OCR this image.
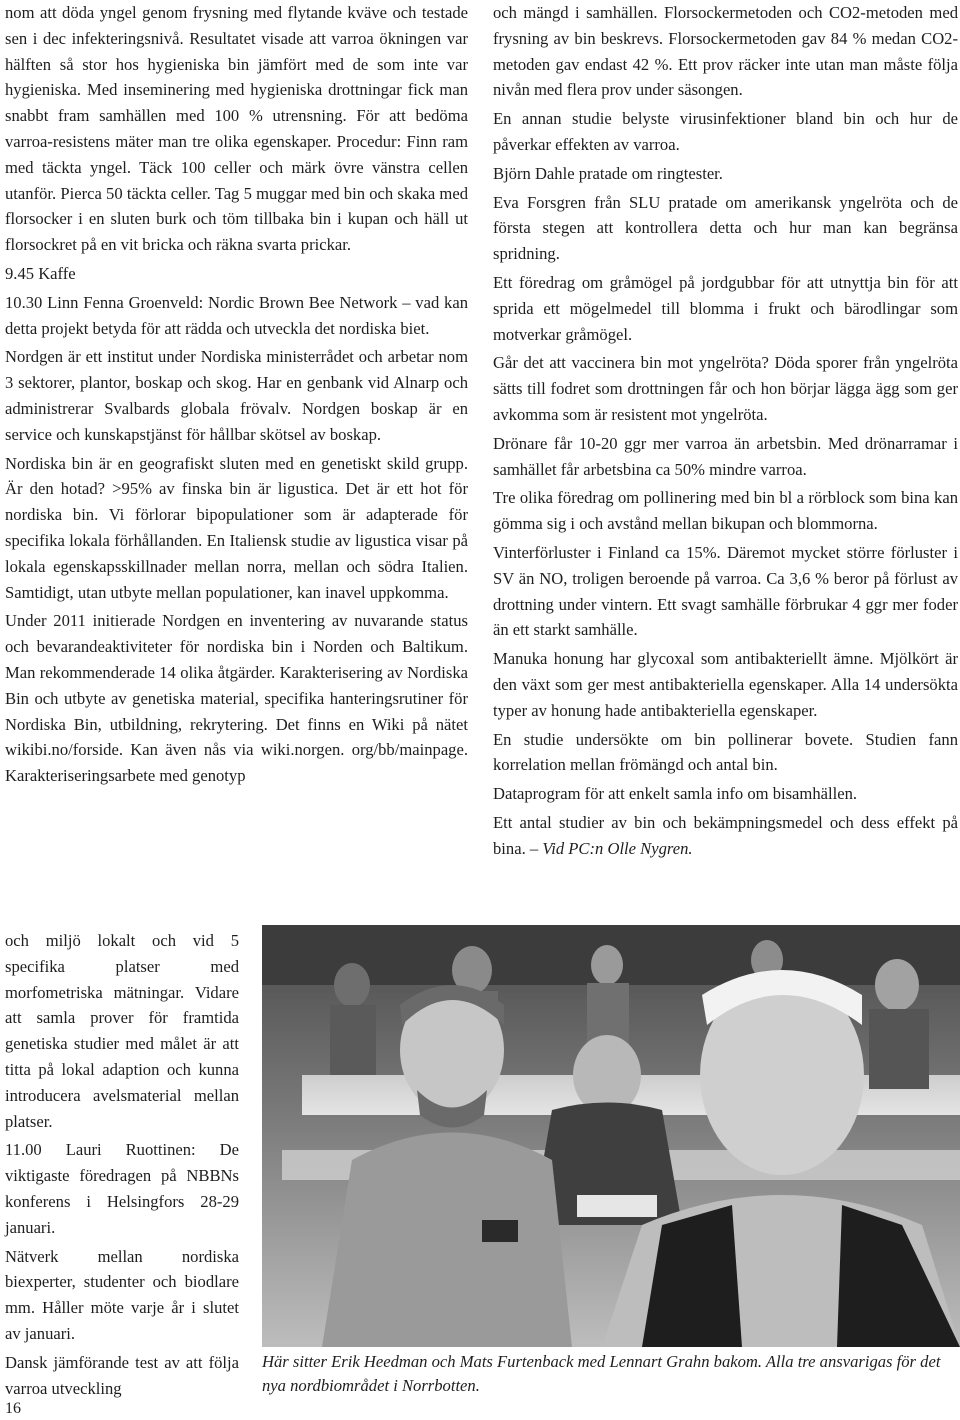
nom att döda yngel genom frysning med flytande kväve och testade sen i dec infekteringsnivå. Resultatet visade att varroa ökningen var hälften så stor hos hygieniska bin jämfört med de som inte var hygieniska. Med inseminering med hygieniska drottningar fick man snabbt fram samhällen med 100 % utrensning. För att bedöma varroa-resistens mäter man tre olika egenskaper. Procedur: Finn ram med täckta yngel. Täck 100 celler och märk övre vänstra cellen utanför. Pierca 50 täckta celler. Tag 5 muggar med bin och skaka med florsocker i en sluten burk och töm tillbaka bin i kupan och häll ut florsockret på en vit bricka och räkna svarta prickar.

9.45 Kaffe

10.30 Linn Fenna Groenveld: Nordic Brown Bee Network – vad kan detta projekt betyda för att rädda och utveckla det nordiska biet.

Nordgen är ett institut under Nordiska ministerrådet och arbetar nom 3 sektorer, plantor, boskap och skog. Har en genbank vid Alnarp och administrerar Svalbards globala frövalv. Nordgen boskap är en service och kunskapstjänst för hållbar skötsel av boskap.

Nordiska bin är en geografiskt sluten med en genetiskt skild grupp. Är den hotad? >95% av finska bin är ligustica. Det är ett hot för nordiska bin. Vi förlorar bipopulationer som är adapterade för specifika lokala förhållanden. En Italiensk studie av ligustica visar på lokala egenskapsskillnader mellan norra, mellan och södra Italien. Samtidigt, utan utbyte mellan populationer, kan inavel uppkomma.

Under 2011 initierade Nordgen en inventering av nuvarande status och bevarandeaktiviteter för nordiska bin i Norden och Baltikum. Man rekommenderade 14 olika åtgärder. Karakterisering av Nordiska Bin och utbyte av genetiska material, specifika hanteringsrutiner för Nordiska Bin, utbildning, rekrytering. Det finns en Wiki på nätet wikibi.no/forside. Kan även nås via wiki.norgen. org/bb/mainpage. Karakteriseringsarbete med genotyp

och miljö lokalt och vid 5 specifika platser med morfometriska mätningar. Vidare att samla prover för framtida genetiska studier med målet är att titta på lokal adaption och kunna introducera avelsmaterial mellan platser.

11.00 Lauri Ruottinen: De viktigaste föredragen på NBBNs konferens i Helsingfors 28-29 januari.

Nätverk mellan nordiska biexperter, studenter och biodlare mm. Håller möte varje år i slutet av januari.

Dansk jämförande test av att följa varroa utveckling

och mängd i samhällen. Florsockermetoden och CO2-metoden med frysning av bin beskrevs. Florsockermetoden gav 84 % medan CO2-metoden gav endast 42 %. Ett prov räcker inte utan man måste följa nivån med flera prov under säsongen.

En annan studie belyste virusinfektioner bland bin och hur de påverkar effekten av varroa.

Björn Dahle pratade om ringtester.

Eva Forsgren från SLU pratade om amerikansk yngelröta och de första stegen att kontrollera detta och hur man kan begränsa spridning.

Ett föredrag om gråmögel på jordgubbar för att utnyttja bin för att sprida ett mögelmedel till blomma i frukt och bärodlingar som motverkar gråmögel.

Går det att vaccinera bin mot yngelröta? Döda sporer från yngelröta sätts till fodret som drottningen får och hon börjar lägga ägg som ger avkomma som är resistent mot yngelröta.

Drönare får 10-20 ggr mer varroa än arbetsbin. Med drönarramar i samhället får arbetsbina ca 50% mindre varroa.

Tre olika föredrag om pollinering med bin bl a rörblock som bina kan gömma sig i och avstånd mellan bikupan och blommorna.

Vinterförluster i Finland ca 15%. Däremot mycket större förluster i SV än NO, troligen beroende på varroa. Ca 3,6 % beror på förlust av drottning under vintern. Ett svagt samhälle förbrukar 4 ggr mer foder än ett starkt samhälle.

Manuka honung har glycoxal som antibakteriellt ämne. Mjölkört är den växt som ger mest antibakteriella egenskaper. Alla 14 undersökta typer av honung hade antibakteriella egenskaper.

En studie undersökte om bin pollinerar bovete. Studien fann korrelation mellan frömängd och antal bin.

Dataprogram för att enkelt samla info om bisamhällen.

Ett antal studier av bin och bekämpningsmedel och dess effekt på bina. – Vid PC:n Olle Nygren.

Här sitter Erik Heedman och Mats Furtenback med Lennart Grahn bakom. Alla tre ansvarigas för det nya nordbiområdet i Norrbotten.
16
